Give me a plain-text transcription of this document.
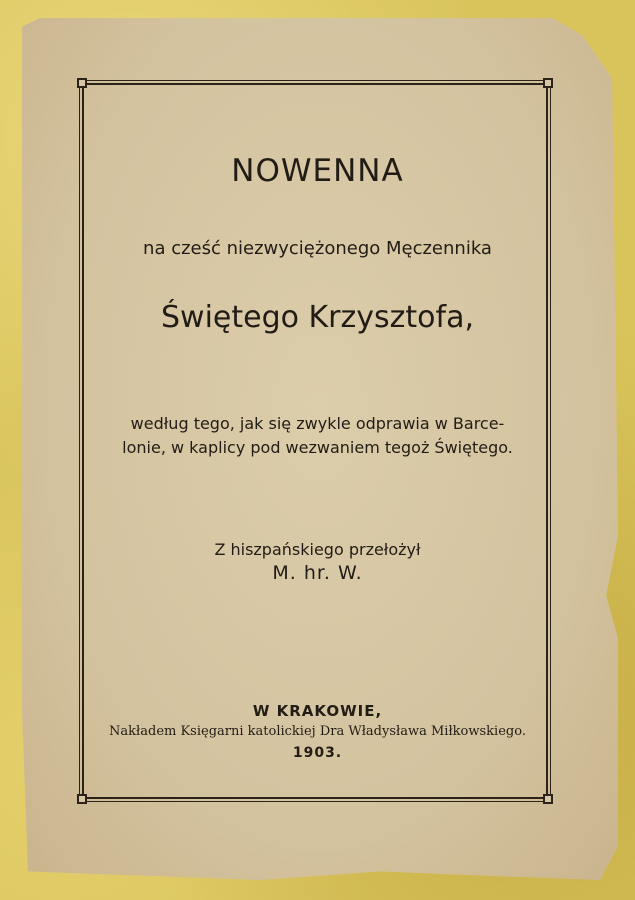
NOWENNA
na cześć niezwyciężonego Męczennika
Świętego Krzysztofa,
według tego, jak się zwykle odprawia w Barce-
lonie, w kaplicy pod wezwaniem tegoż Świętego.
Z hiszpańskiego przełożył
M. hr. W.
W KRAKOWIE,
Nakładem Księgarni katolickiej Dra Władysława Miłkowskiego.
1903.
